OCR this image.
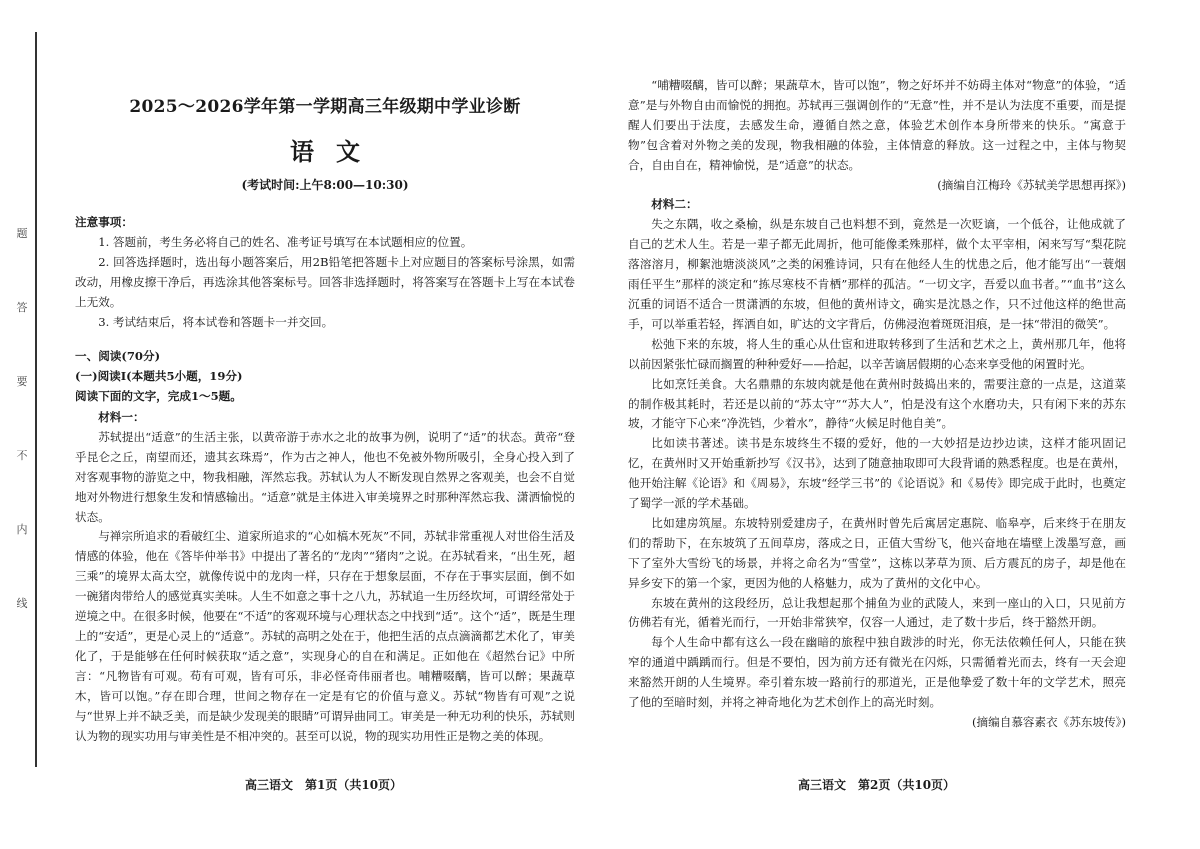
题
答
要
不
内
线
2025～2026学年第一学期高三年级期中学业诊断
语文
(考试时间:上午8:00—10:30)

注意事项：

1. 答题前，考生务必将自己的姓名、准考证号填写在本试题相应的位置。

2. 回答选择题时，选出每小题答案后，用2B铅笔把答题卡上对应题目的答案标号涂黑，如需改动，用橡皮擦干净后，再选涂其他答案标号。回答非选择题时，将答案写在答题卡上写在本试卷上无效。

3. 考试结束后，将本试卷和答题卡一并交回。

一、阅读(70分)

(一)阅读Ⅰ(本题共5小题，19分)

阅读下面的文字，完成1～5题。

材料一：

苏轼提出“适意”的生活主张，以黄帝游于赤水之北的故事为例，说明了“适”的状态。黄帝“登乎昆仑之丘，南望而还，遗其玄珠焉”，作为古之神人，他也不免被外物所吸引，全身心投入到了对客观事物的游览之中，物我相融，浑然忘我。苏轼认为人不断发现自然界之客观美，也会不自觉地对外物进行想象生发和情感输出。“适意”就是主体进入审美境界之时那种浑然忘我、潇洒愉悦的状态。

与禅宗所追求的看破红尘、道家所追求的“心如槁木死灰”不同，苏轼非常重视人对世俗生活及情感的体验，他在《答毕仲举书》中提出了著名的“龙肉”“猪肉”之说。在苏轼看来，“出生死，超三乘”的境界太高太空，就像传说中的龙肉一样，只存在于想象层面，不存在于事实层面，倒不如一碗猪肉带给人的感觉真实美味。人生不如意之事十之八九，苏轼追一生历经坎坷，可谓经常处于逆境之中。在很多时候，他要在“不适”的客观环境与心理状态之中找到“适”。这个“适”，既是生理上的“安适”，更是心灵上的“适意”。苏轼的高明之处在于，他把生活的点点滴滴都艺术化了，审美化了，于是能够在任何时候获取“适之意”，实现身心的自在和满足。正如他在《超然台记》中所言：“凡物皆有可观。苟有可观，皆有可乐，非必怪奇伟丽者也。哺糟啜醨，皆可以醉；果蔬草木，皆可以饱。”存在即合理，世间之物存在一定是有它的价值与意义。苏轼“物皆有可观”之说与“世界上并不缺乏美，而是缺少发现美的眼睛”可谓异曲同工。审美是一种无功利的快乐，苏轼则认为物的现实功用与审美性是不相冲突的。甚至可以说，物的现实功用性正是物之美的体现。

高三语文　第1页（共10页）

“哺糟啜醨，皆可以醉；果蔬草木，皆可以饱”，物之好坏并不妨碍主体对“物意”的体验，“适意”是与外物自由而愉悦的拥抱。苏轼再三强调创作的“无意”性，并不是认为法度不重要，而是提醒人们要出于法度，去感发生命，遵循自然之意，体验艺术创作本身所带来的快乐。“寓意于物”包含着对外物之美的发现，物我相融的体验，主体情意的释放。这一过程之中，主体与物契合，自由自在，精神愉悦，是“适意”的状态。

(摘编自江梅玲《苏轼美学思想再探》)

材料二：

失之东隅，收之桑榆，纵是东坡自己也料想不到，竟然是一次贬谪，一个低谷，让他成就了自己的艺术人生。若是一辈子都无此周折，他可能像柔殊那样，做个太平宰相，闲来写写“梨花院落溶溶月，柳絮池塘淡淡风”之类的闲雅诗词，只有在他经人生的忧患之后，他才能写出“一蓑烟雨任平生”那样的淡定和“拣尽寒枝不肯栖”那样的孤洁。“一切文字，吾爱以血书者。”“血书”这么沉重的词语不适合一贯潇洒的东坡，但他的黄州诗文，确实是沈恳之作，只不过他这样的绝世高手，可以举重若轻，挥洒自如，旷达的文字背后，仿佛浸泡着斑斑泪痕，是一抹“带泪的微笑”。

松弛下来的东坡，将人生的重心从仕宦和进取转移到了生活和艺术之上，黄州那几年，他将以前因紧张忙碌而搁置的种种爱好——拾起，以辛苦谪居假期的心态来享受他的闲置时光。

比如烹饪美食。大名鼎鼎的东坡肉就是他在黄州时鼓捣出来的，需要注意的一点是，这道菜的制作极其耗时，若还是以前的“苏太守”“苏大人”，怕是没有这个水磨功夫，只有闲下来的苏东坡，才能守下心来“净洗铛，少着水”，静待“火候足时他自美”。

比如读书著述。读书是东坡终生不辍的爱好，他的一大妙招是边抄边读，这样才能巩固记忆，在黄州时又开始重新抄写《汉书》，达到了随意抽取即可大段背诵的熟悉程度。也是在黄州，他开始注解《论语》和《周易》，东坡“经学三书”的《论语说》和《易传》即完成于此时，也奠定了蜀学一派的学术基础。

比如建房筑屋。东坡特别爱建房子，在黄州时曾先后寓居定惠院、临皋亭，后来终于在朋友们的帮助下，在东坡筑了五间草房，落成之日，正值大雪纷飞，他兴奋地在墙壁上泼墨写意，画下了室外大雪纷飞的场景，并将之命名为“雪堂”，这栋以茅草为顶、后方震瓦的房子，却是他在异乡安下的第一个家，更因为他的人格魅力，成为了黄州的文化中心。

东坡在黄州的这段经历，总让我想起那个捕鱼为业的武陵人，来到一座山的入口，只见前方仿佛若有光，循着光而行，一开始非常狭窄，仅容一人通过，走了数十步后，终于豁然开朗。

每个人生命中都有这么一段在幽暗的旅程中独自跋涉的时光，你无法依赖任何人，只能在狭窄的通道中踽踽而行。但是不要怕，因为前方还有微光在闪烁，只需循着光而去，终有一天会迎来豁然开朗的人生境界。牵引着东坡一路前行的那道光，正是他挚爱了数十年的文学艺术，照亮了他的至暗时刻，并将之神奇地化为艺术创作上的高光时刻。

(摘编自慕容素衣《苏东坡传》)

高三语文　第2页（共10页）
